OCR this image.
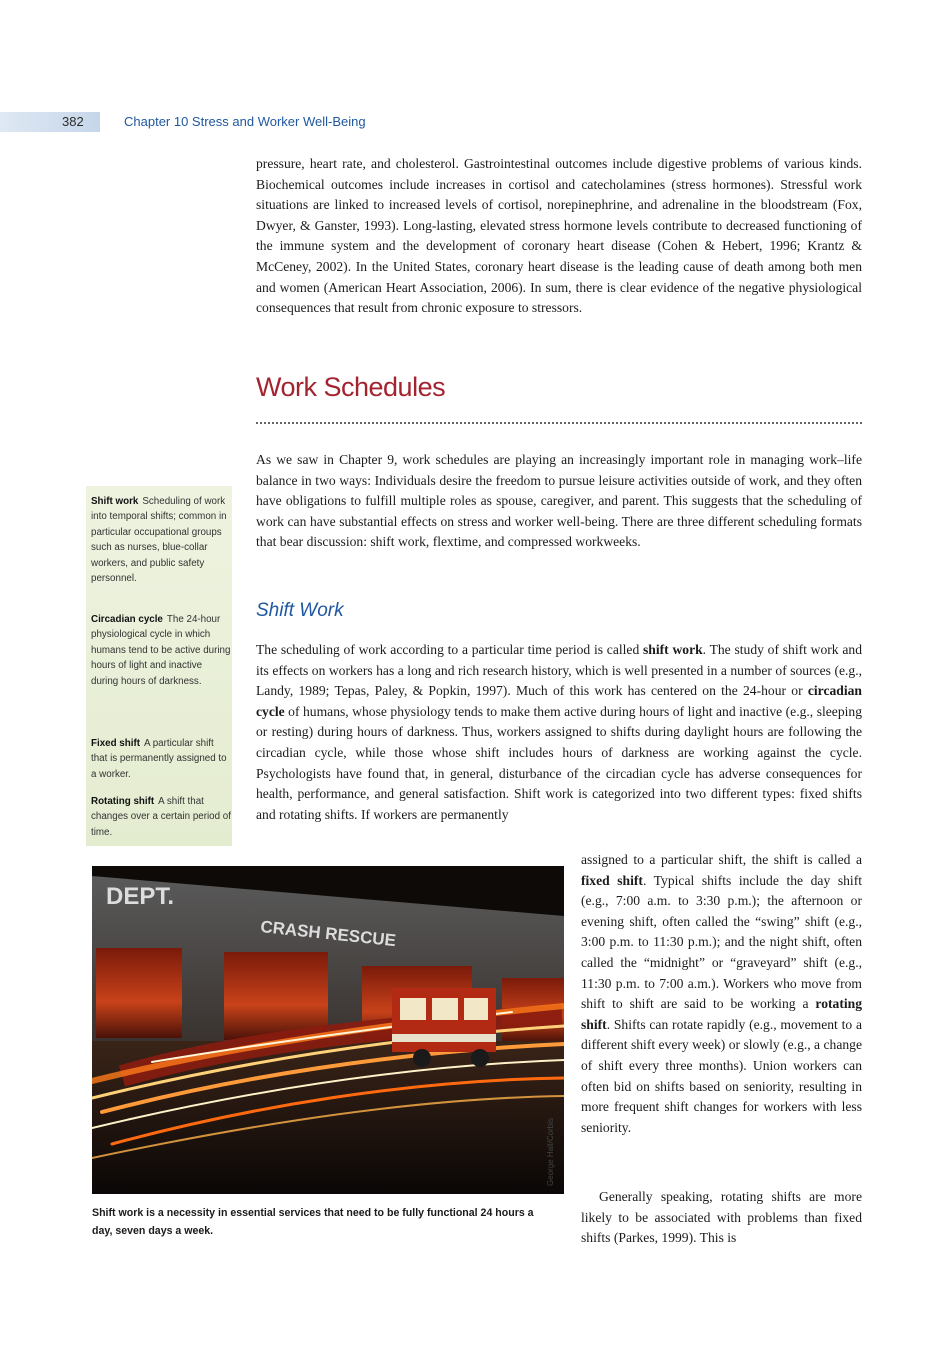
382	Chapter 10 Stress and Worker Well-Being

pressure, heart rate, and cholesterol. Gastrointestinal outcomes include digestive problems of various kinds. Biochemical outcomes include increases in cortisol and catecholamines (stress hormones). Stressful work situations are linked to increased levels of cortisol, norepinephrine, and adrenaline in the bloodstream (Fox, Dwyer, & Ganster, 1993). Long-lasting, elevated stress hormone levels contribute to decreased functioning of the immune system and the development of coronary heart disease (Cohen & Hebert, 1996; Krantz & McCeney, 2002). In the United States, coronary heart disease is the leading cause of death among both men and women (American Heart Association, 2006). In sum, there is clear evidence of the negative physiological consequences that result from chronic exposure to stressors.

Work Schedules

As we saw in Chapter 9, work schedules are playing an increasingly important role in managing work–life balance in two ways: Individuals desire the freedom to pursue leisure activities outside of work, and they often have obligations to fulfill multiple roles as spouse, caregiver, and parent. This suggests that the scheduling of work can have substantial effects on stress and worker well-being. There are three different scheduling formats that bear discussion: shift work, flextime, and compressed workweeks.

Shift Work

The scheduling of work according to a particular time period is called shift work. The study of shift work and its effects on workers has a long and rich research history, which is well presented in a number of sources (e.g., Landy, 1989; Tepas, Paley, & Popkin, 1997). Much of this work has centered on the 24-hour or circadian cycle of humans, whose physiology tends to make them active during hours of light and inactive (e.g., sleeping or resting) during hours of darkness. Thus, workers assigned to shifts during daylight hours are following the circadian cycle, while those whose shift includes hours of darkness are working against the cycle. Psychologists have found that, in general, disturbance of the circadian cycle has adverse consequences for health, performance, and general satisfaction. Shift work is categorized into two different types: fixed shifts and rotating shifts. If workers are permanently

assigned to a particular shift, the shift is called a fixed shift. Typical shifts include the day shift (e.g., 7:00 a.m. to 3:30 p.m.); the afternoon or evening shift, often called the “swing” shift (e.g., 3:00 p.m. to 11:30 p.m.); and the night shift, often called the “midnight” or “graveyard” shift (e.g., 11:30 p.m. to 7:00 a.m.). Workers who move from shift to shift are said to be working a rotating shift. Shifts can rotate rapidly (e.g., movement to a different shift every week) or slowly (e.g., a change of shift every three months). Union workers can often bid on shifts based on seniority, resulting in more frequent shift changes for workers with less seniority.

Generally speaking, rotating shifts are more likely to be associated with problems than fixed shifts (Parkes, 1999). This is

Shift work Scheduling of work into temporal shifts; common in particular occupational groups such as nurses, blue-collar workers, and public safety personnel.

Circadian cycle The 24-hour physiological cycle in which humans tend to be active during hours of light and inactive during hours of darkness.

Fixed shift A particular shift that is permanently assigned to a worker.

Rotating shift A shift that changes over a certain period of time.

DEPT.
CRASH RESCUE
George Hall/Corbis

Shift work is a necessity in essential services that need to be fully functional 24 hours a day, seven days a week.
